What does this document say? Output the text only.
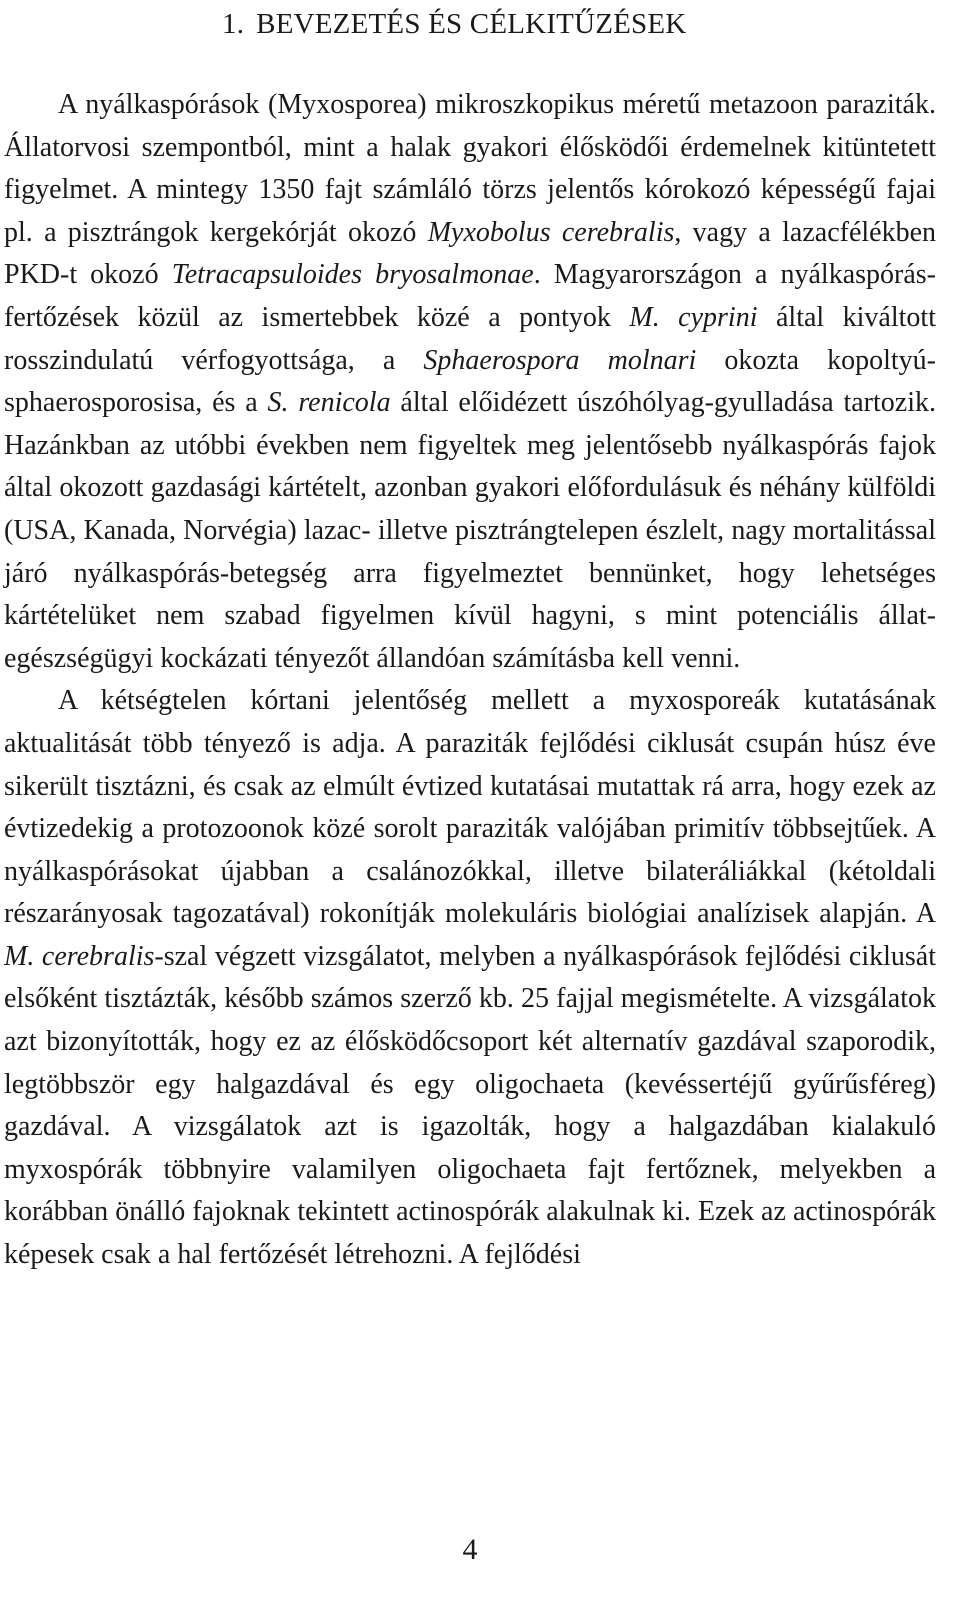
1. BEVEZETÉS ÉS CÉLKITŰZÉSEK

A nyálkaspórások (Myxosporea) mikroszkopikus méretű metazoon paraziták. Állatorvosi szempontból, mint a halak gyakori élősködői érdemelnek kitüntetett figyelmet. A mintegy 1350 fajt számláló törzs jelentős kórokozó képességű fajai pl. a pisztrángok kergekórját okozó Myxobolus cerebralis, vagy a lazacfélékben PKD-t okozó Tetracapsuloides bryosalmonae. Magyarországon a nyálkaspórás-fertőzések közül az ismertebbek közé a pontyok M. cyprini által kiváltott rosszindulatú vérfogyottsága, a Sphaerospora molnari okozta kopoltyú-sphaerosporosisa, és a S. renicola által előidézett úszóhólyag-gyulladása tartozik. Hazánkban az utóbbi években nem figyeltek meg jelentősebb nyálkaspórás fajok által okozott gazdasági kártételt, azonban gyakori előfordulásuk és néhány külföldi (USA, Kanada, Norvégia) lazac- illetve pisztrángtelepen észlelt, nagy mortalitással járó nyálkaspórás-betegség arra figyelmeztet bennünket, hogy lehetséges kártételüket nem szabad figyelmen kívül hagyni, s mint potenciális állat-egészségügyi kockázati tényezőt állandóan számításba kell venni.

A kétségtelen kórtani jelentőség mellett a myxosporeák kutatásának aktualitását több tényező is adja. A paraziták fejlődési ciklusát csupán húsz éve sikerült tisztázni, és csak az elmúlt évtized kutatásai mutattak rá arra, hogy ezek az évtizedekig a protozoonok közé sorolt paraziták valójában primitív többsejtűek. A nyálkaspórásokat újabban a csalánozókkal, illetve bilateráliákkal (kétoldali részarányosak tagozatával) rokonítják molekuláris biológiai analízisek alapján. A M. cerebralis-szal végzett vizsgálatot, melyben a nyálkaspórások fejlődési ciklusát elsőként tisztázták, később számos szerző kb. 25 fajjal megismételte. A vizsgálatok azt bizonyították, hogy ez az élősködőcsoport két alternatív gazdával szaporodik, legtöbbször egy halgazdával és egy oligochaeta (kevéssertéjű gyűrűsféreg) gazdával. A vizsgálatok azt is igazolták, hogy a halgazdában kialakuló myxospórák többnyire valamilyen oligochaeta fajt fertőznek, melyekben a korábban önálló fajoknak tekintett actinospórák alakulnak ki. Ezek az actinospórák képesek csak a hal fertőzését létrehozni. A fejlődési

4
